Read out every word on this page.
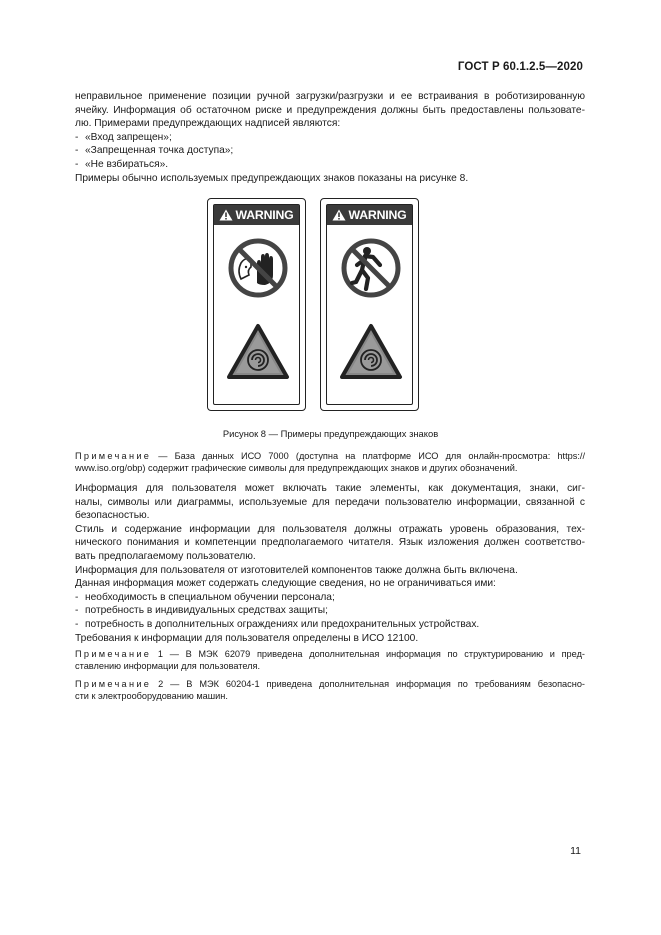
ГОСТ Р 60.1.2.5—2020
неправильное применение позиции ручной загрузки/разгрузки и ее встраивания в роботизированную
ячейку. Информация об остаточном риске и предупреждения должны быть предоставлены пользовате-
лю. Примерами предупреждающих надписей являются:
- «Вход запрещен»;
- «Запрещенная точка доступа»;
- «Не взбираться».
Примеры обычно используемых предупреждающих знаков показаны на рисунке 8.
WARNING	WARNING
Рисунок 8 — Примеры предупреждающих знаков
Примечание — База данных ИСО 7000 (доступна на платформе ИСО для онлайн-просмотра: https://
www.iso.org/obp) содержит графические символы для предупреждающих знаков и других обозначений.
Информация для пользователя может включать такие элементы, как документация, знаки, сиг-
налы, символы или диаграммы, используемые для передачи пользователю информации, связанной с
безопасностью.
Стиль и содержание информации для пользователя должны отражать уровень образования, тех-
нического понимания и компетенции предполагаемого читателя. Язык изложения должен соответство-
вать предполагаемому пользователю.
Информация для пользователя от изготовителей компонентов также должна быть включена.
Данная информация может содержать следующие сведения, но не ограничиваться ими:
- необходимость в специальном обучении персонала;
- потребность в индивидуальных средствах защиты;
- потребность в дополнительных ограждениях или предохранительных устройствах.
Требования к информации для пользователя определены в ИСО 12100.
Примечание 1 — В МЭК 62079 приведена дополнительная информация по структурированию и пред-
ставлению информации для пользователя.
Примечание 2 — В МЭК 60204-1 приведена дополнительная информация по требованиям безопасно-
сти к электрооборудованию машин.
11
